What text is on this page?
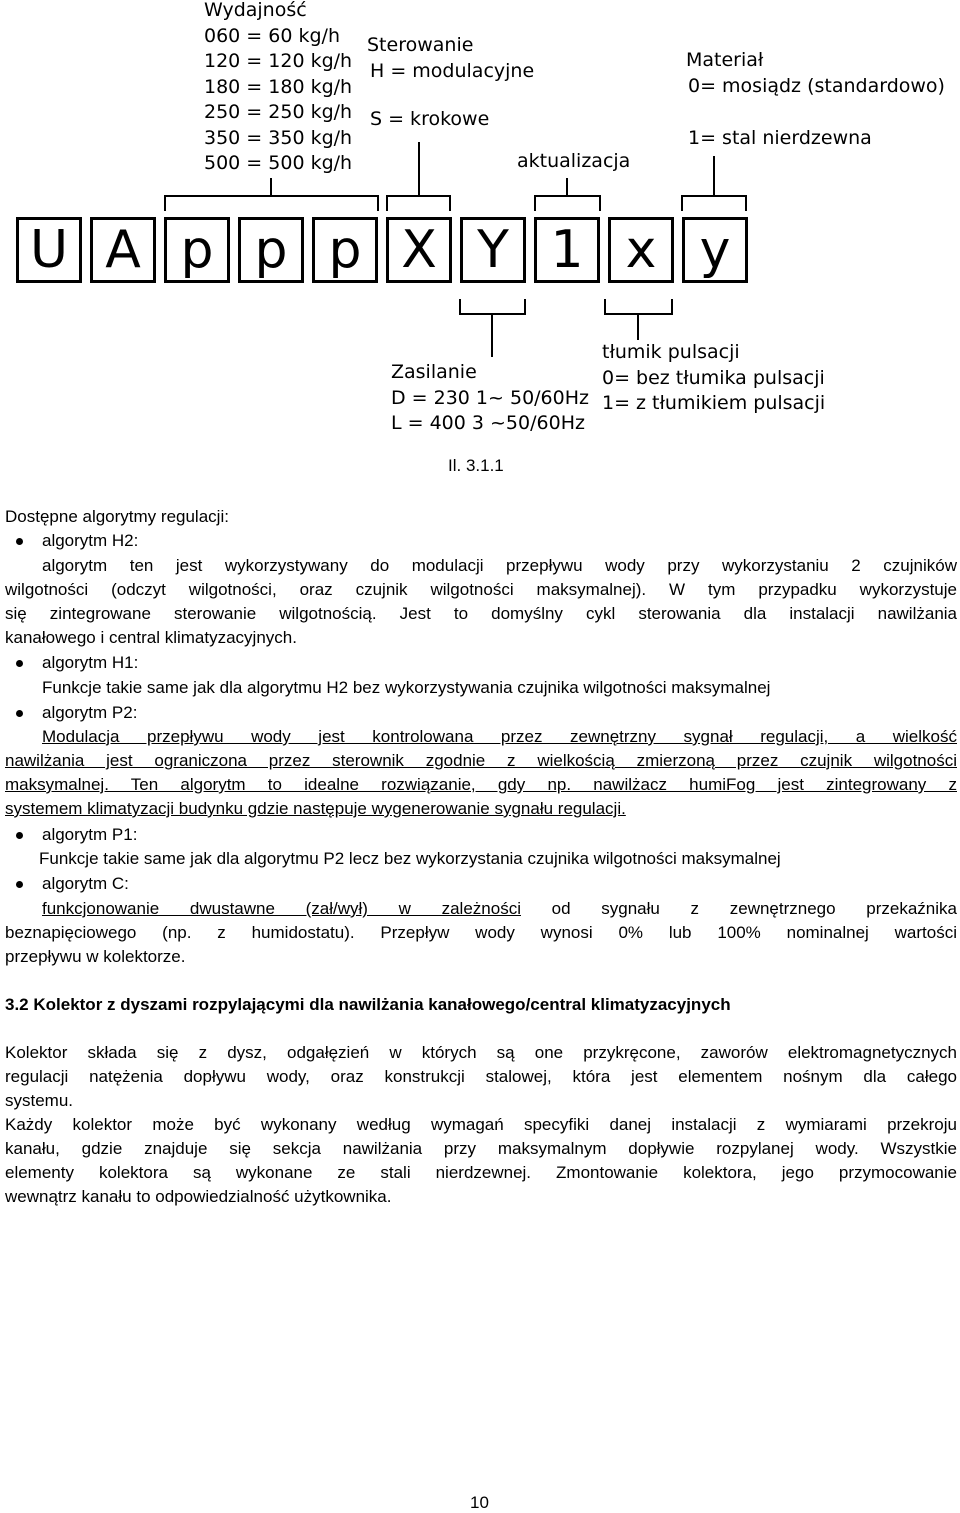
Wydajność
060 = 60 kg/h
120 = 120 kg/h
180 = 180 kg/h
250 = 250 kg/h
350 = 350 kg/h
500 = 500 kg/h
Sterowanie
H = modulacyjne
S = krokowe
aktualizacja
Materiał
0= mosiądz (standardowo)
1= stal nierdzewna
U A p p p X Y 1 x y
Zasilanie
D = 230 1~ 50/60Hz
L = 400 3 ~50/60Hz
tłumik pulsacji
0= bez tłumika pulsacji
1= z tłumikiem pulsacji
Il. 3.1.1
Dostępne algorytmy regulacji:
algorytm H2:
algorytm ten jest wykorzystywany do modulacji przepływu wody przy wykorzystaniu 2 czujników
wilgotności (odczyt wilgotności, oraz czujnik wilgotności maksymalnej). W tym przypadku wykorzystuje
się zintegrowane sterowanie wilgotnością. Jest to domyślny cykl sterowania dla instalacji nawilżania
kanałowego i central klimatyzacyjnych.
algorytm H1:
Funkcje takie same jak dla algorytmu H2 bez wykorzystywania czujnika wilgotności maksymalnej
algorytm P2:
Modulacja przepływu wody jest kontrolowana przez zewnętrzny sygnał regulacji, a wielkość
nawilżania jest ograniczona przez sterownik zgodnie z wielkością zmierzoną przez czujnik wilgotności
maksymalnej. Ten algorytm to idealne rozwiązanie, gdy np. nawilżacz humiFog jest zintegrowany z
systemem klimatyzacji budynku gdzie następuje wygenerowanie sygnału regulacji.
algorytm P1:
Funkcje takie same jak dla algorytmu P2 lecz bez wykorzystania czujnika wilgotności maksymalnej
algorytm C:
funkcjonowanie dwustawne (zał/wył) w zależności od sygnału z zewnętrznego przekaźnika
beznapięciowego (np. z humidostatu). Przepływ wody wynosi 0% lub 100% nominalnej wartości
przepływu w kolektorze.
3.2 Kolektor z dyszami rozpylającymi dla nawilżania kanałowego/central klimatyzacyjnych
Kolektor składa się z dysz, odgałęzień w których są one przykręcone, zaworów elektromagnetycznych
regulacji natężenia dopływu wody, oraz konstrukcji stalowej, która jest elementem nośnym dla całego
systemu.
Każdy kolektor może być wykonany według wymagań specyfiki danej instalacji z wymiarami przekroju
kanału, gdzie znajduje się sekcja nawilżania przy maksymalnym dopływie rozpylanej wody. Wszystkie
elementy kolektora są wykonane ze stali nierdzewnej. Zmontowanie kolektora, jego przymocowanie
wewnątrz kanału to odpowiedzialność użytkownika.
10
